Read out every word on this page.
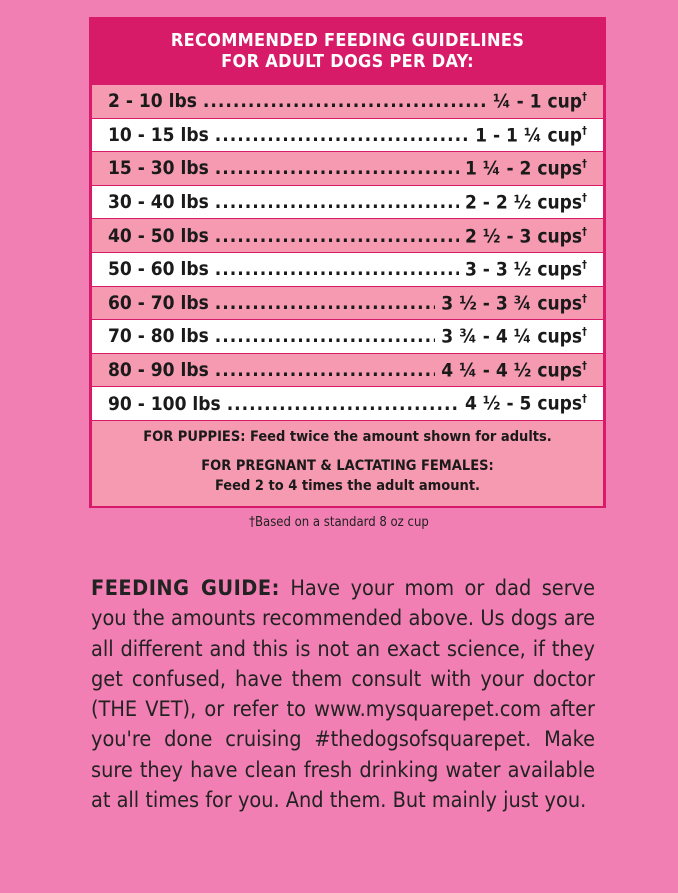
RECOMMENDED FEEDING GUIDELINES
FOR ADULT DOGS PER DAY:
2 - 10 lbs .....	¼ - 1 cup†
10 - 15 lbs .....	1 - 1 ¼ cup†
15 - 30 lbs .....	1 ¼ - 2 cups†
30 - 40 lbs .....	2 - 2 ½ cups†
40 - 50 lbs .....	2 ½ - 3 cups†
50 - 60 lbs .....	3 - 3 ½ cups†
60 - 70 lbs .....	3 ½ - 3 ¾ cups†
70 - 80 lbs .....	3 ¾ - 4 ¼ cups†
80 - 90 lbs .....	4 ¼ - 4 ½ cups†
90 - 100 lbs .....	4 ½ - 5 cups†
FOR PUPPIES: Feed twice the amount shown for adults.
FOR PREGNANT & LACTATING FEMALES:
Feed 2 to 4 times the adult amount.
†Based on a standard 8 oz cup
FEEDING GUIDE: Have your mom or dad serve you the amounts recommended above. Us dogs are all different and this is not an exact science, if they get confused, have them consult with your doctor (THE VET), or refer to www.mysquarepet.com after you're done cruising #thedogsofsquarepet. Make sure they have clean fresh drinking water available at all times for you. And them. But mainly just you.
